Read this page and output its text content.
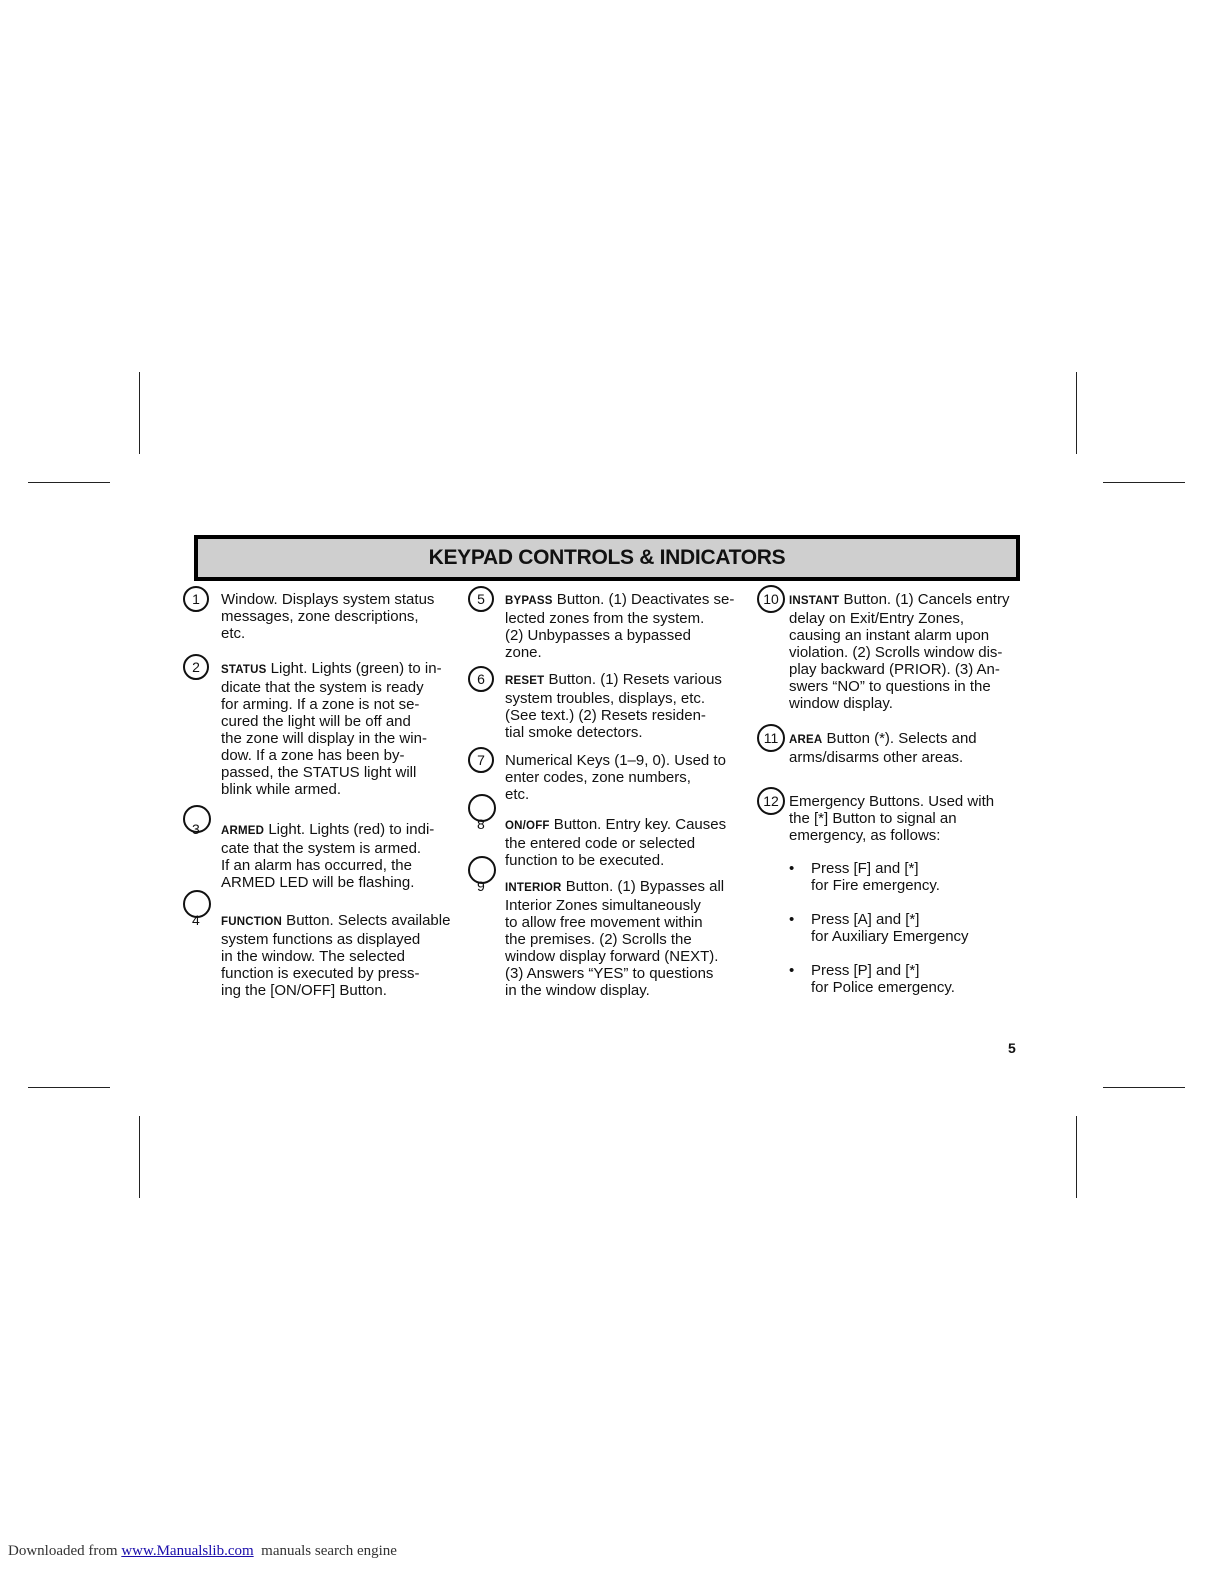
KEYPAD CONTROLS & INDICATORS
1	Window. Displays system status

messages, zone descriptions,

etc.

2	STATUS Light. Lights (green) to in-

dicate that the system is ready

for arming. If a zone is not se-

cured the light will be off and

the zone will display in the win-

dow. If a zone has been by-

passed, the STATUS light will

blink while armed.

3 ARMED Light. Lights (red) to indi-

cate that the system is armed.

If an alarm has occurred, the

ARMED LED will be flashing.

4 FUNCTION Button. Selects available

system functions as displayed

in the window. The selected

function is executed by press-

ing the [ON/OFF] Button.

5	BYPASS Button. (1) Deactivates se-

lected zones from the system.

(2) Unbypasses a bypassed

zone.

6	RESET Button. (1) Resets various

system troubles, displays, etc.

(See text.) (2) Resets residen-

tial smoke detectors.

7	Numerical Keys (1–9, 0). Used to

enter codes, zone numbers,

etc.

8 ON/OFF Button. Entry key. Causes

the entered code or selected

function to be executed.

9 INTERIOR Button. (1) Bypasses all

Interior Zones simultaneously

to allow free movement within

the premises. (2) Scrolls the

window display forward (NEXT).

(3) Answers “YES” to questions

in the window display.

10 INSTANT Button. (1) Cancels entry

delay on Exit/Entry Zones,

causing an instant alarm upon

violation. (2) Scrolls window dis-

play backward (PRIOR). (3) An-

swers “NO” to questions in the

window display.

11 AREA Button (*). Selects and

arms/disarms other areas.

12 Emergency Buttons. Used with

the [*] Button to signal an

emergency, as follows:

• Press [F] and [*]
for Fire emergency.
• Press [A] and [*]
for Auxiliary Emergency
• Press [P] and [*]
for Police emergency.
5
Downloaded from www.Manualslib.com  manuals search engine
